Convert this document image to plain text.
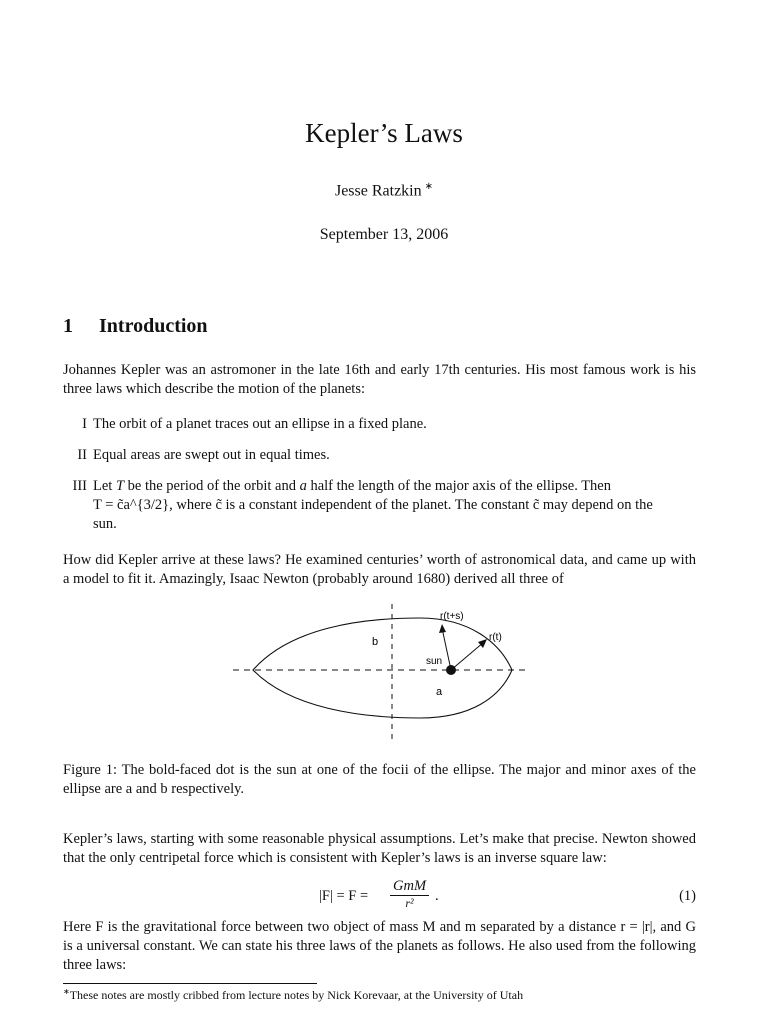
Kepler’s Laws
Jesse Ratzkin ∗
September 13, 2006
1 Introduction
Johannes Kepler was an astromoner in the late 16th and early 17th centuries. His most famous work is his three laws which describe the motion of the planets:
I The orbit of a planet traces out an ellipse in a fixed plane.
II Equal areas are swept out in equal times.
III Let T be the period of the orbit and a half the length of the major axis of the ellipse. Then
T = c̃a^{3/2}, where c̃ is a constant independent of the planet. The constant c̃ may depend on the
sun.
How did Kepler arrive at these laws? He examined centuries’ worth of astronomical data, and came up with a model to fit it. Amazingly, Isaac Newton (probably around 1680) derived all three of
r(t+s)
r(t)
b
sun
a
Figure 1: The bold-faced dot is the sun at one of the focii of the ellipse. The major and minor axes of the ellipse are a and b respectively.
Kepler’s laws, starting with some reasonable physical assumptions. Let’s make that precise. Newton showed that the only centripetal force which is consistent with Kepler’s laws is an inverse square law:
|F| = F =
GmM
r²	.	(1)
Here F is the gravitational force between two object of mass M and m separated by a distance r = |r|, and G is a universal constant. We can state his three laws of the planets as follows. He also used from the following three laws:
∗These notes are mostly cribbed from lecture notes by Nick Korevaar, at the University of Utah
